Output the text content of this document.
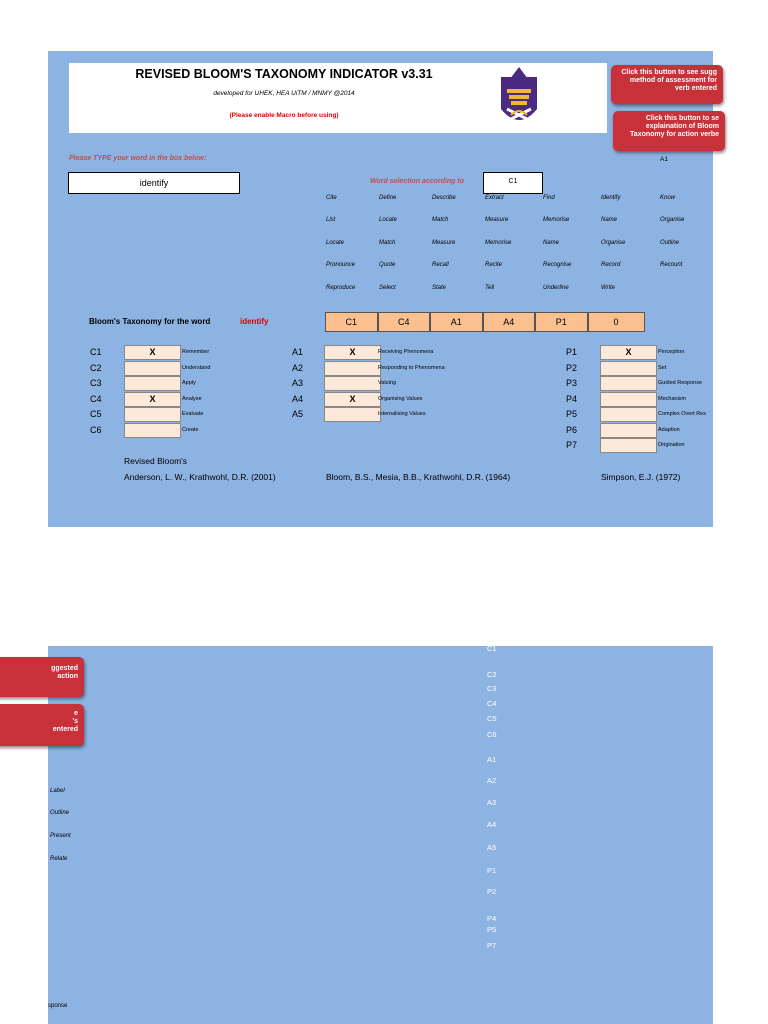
REVISED BLOOM'S TAXONOMY INDICATOR v3.31
developed for UHEK, HEA UiTM / MNMY @2014
(Please enable Macro before using)
Click this button to see sugg
method of assessment for
verb entered
Click this button to se
explaination of Bloom
Taxonomy for action verbe
A1
Please TYPE your word in the box below:
identify
Word selection according to	C1
Cite	Define	Describe	Extract	Find	Identify	Know
List	Locate	Match	Measure	Memorise	Name	Organise
Locate	Match	Measure	Memorise	Name	Organise	Outline
Pronounce	Quote	Recall	Recite	Recognise	Record	Recount
Reproduce	Select	State	Tell	Underline	Write
Bloom's Taxonomy for the word	Identify	C1	C4	A1	A4	P1	0
C1	X	Remember
C2	Understand
C3	Apply
C4	X	Analyse
C5	Evaluate
C6	Create
A1	X	Receiving Phenomena
A2	Responding to Phenomena
A3	Valuing
A4	X	Organising Values
A5	Internalising Values
P1	X	Perception
P2	Set
P3	Guided Response
P4	Mechanism
P5	Complex Overt Res
P6	Adaption
P7	Origination
Revised Bloom's
Anderson, L. W., Krathwohl, D.R. (2001)	Bloom, B.S., Mesia, B.B., Krathwohl, D.R. (1964)	Simpson, E.J. (1972)
ggested
action
e
's
entered
Label
Outline
Present
Relate
sponse
C1
C2
C3
C4
C5
C6
A1
A2
A3
A4
A5
P1
P2
P4
P5
P7
